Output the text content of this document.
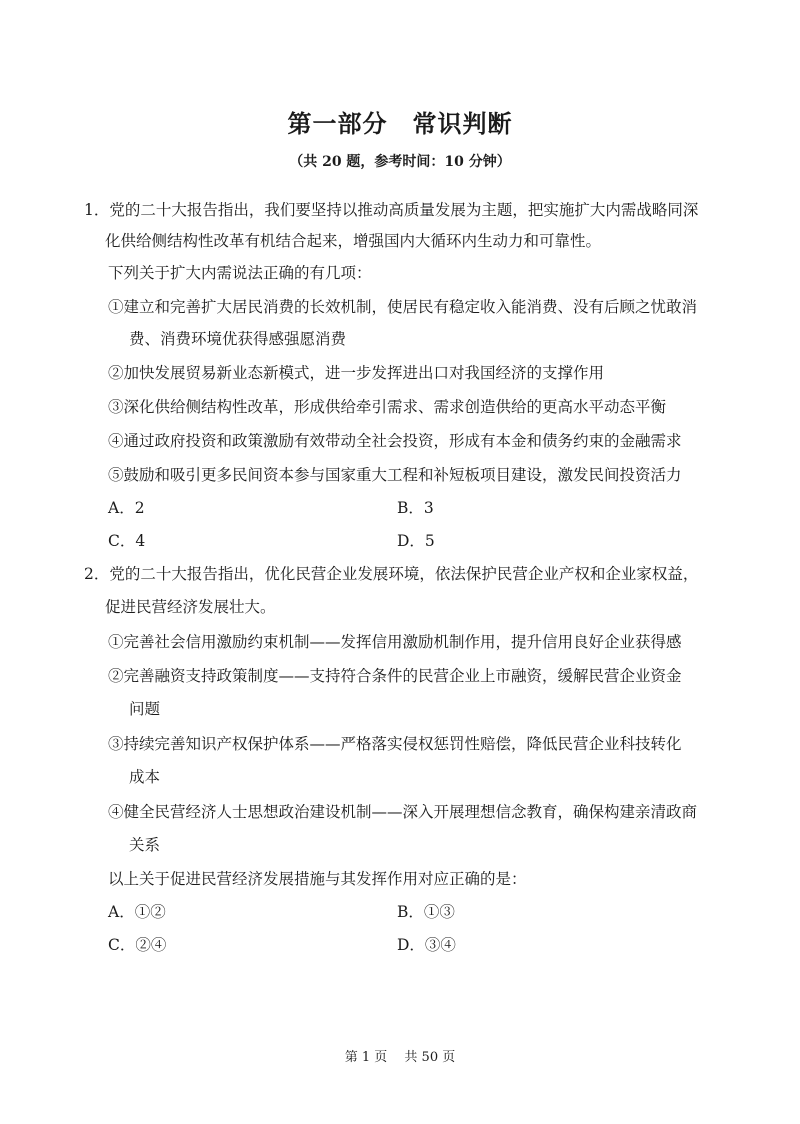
第一部分　常识判断

（共 20 题，参考时间：10 分钟）

1．党的二十大报告指出，我们要坚持以推动高质量发展为主题，把实施扩大内需战略同深
化供给侧结构性改革有机结合起来，增强国内大循环内生动力和可靠性。
下列关于扩大内需说法正确的有几项：
①建立和完善扩大居民消费的长效机制，使居民有稳定收入能消费、没有后顾之忧敢消
费、消费环境优获得感强愿消费
②加快发展贸易新业态新模式，进一步发挥进出口对我国经济的支撑作用
③深化供给侧结构性改革，形成供给牵引需求、需求创造供给的更高水平动态平衡
④通过政府投资和政策激励有效带动全社会投资，形成有本金和债务约束的金融需求
⑤鼓励和吸引更多民间资本参与国家重大工程和补短板项目建设，激发民间投资活力
A．2	B．3
C．4	D．5
2．党的二十大报告指出，优化民营企业发展环境，依法保护民营企业产权和企业家权益，
促进民营经济发展壮大。
①完善社会信用激励约束机制——发挥信用激励机制作用，提升信用良好企业获得感
②完善融资支持政策制度——支持符合条件的民营企业上市融资，缓解民营企业资金
问题
③持续完善知识产权保护体系——严格落实侵权惩罚性赔偿，降低民营企业科技转化
成本
④健全民营经济人士思想政治建设机制——深入开展理想信念教育，确保构建亲清政商
关系
以上关于促进民营经济发展措施与其发挥作用对应正确的是：
A．①②	B．①③
C．②④	D．③④
第 1 页　 共 50 页
